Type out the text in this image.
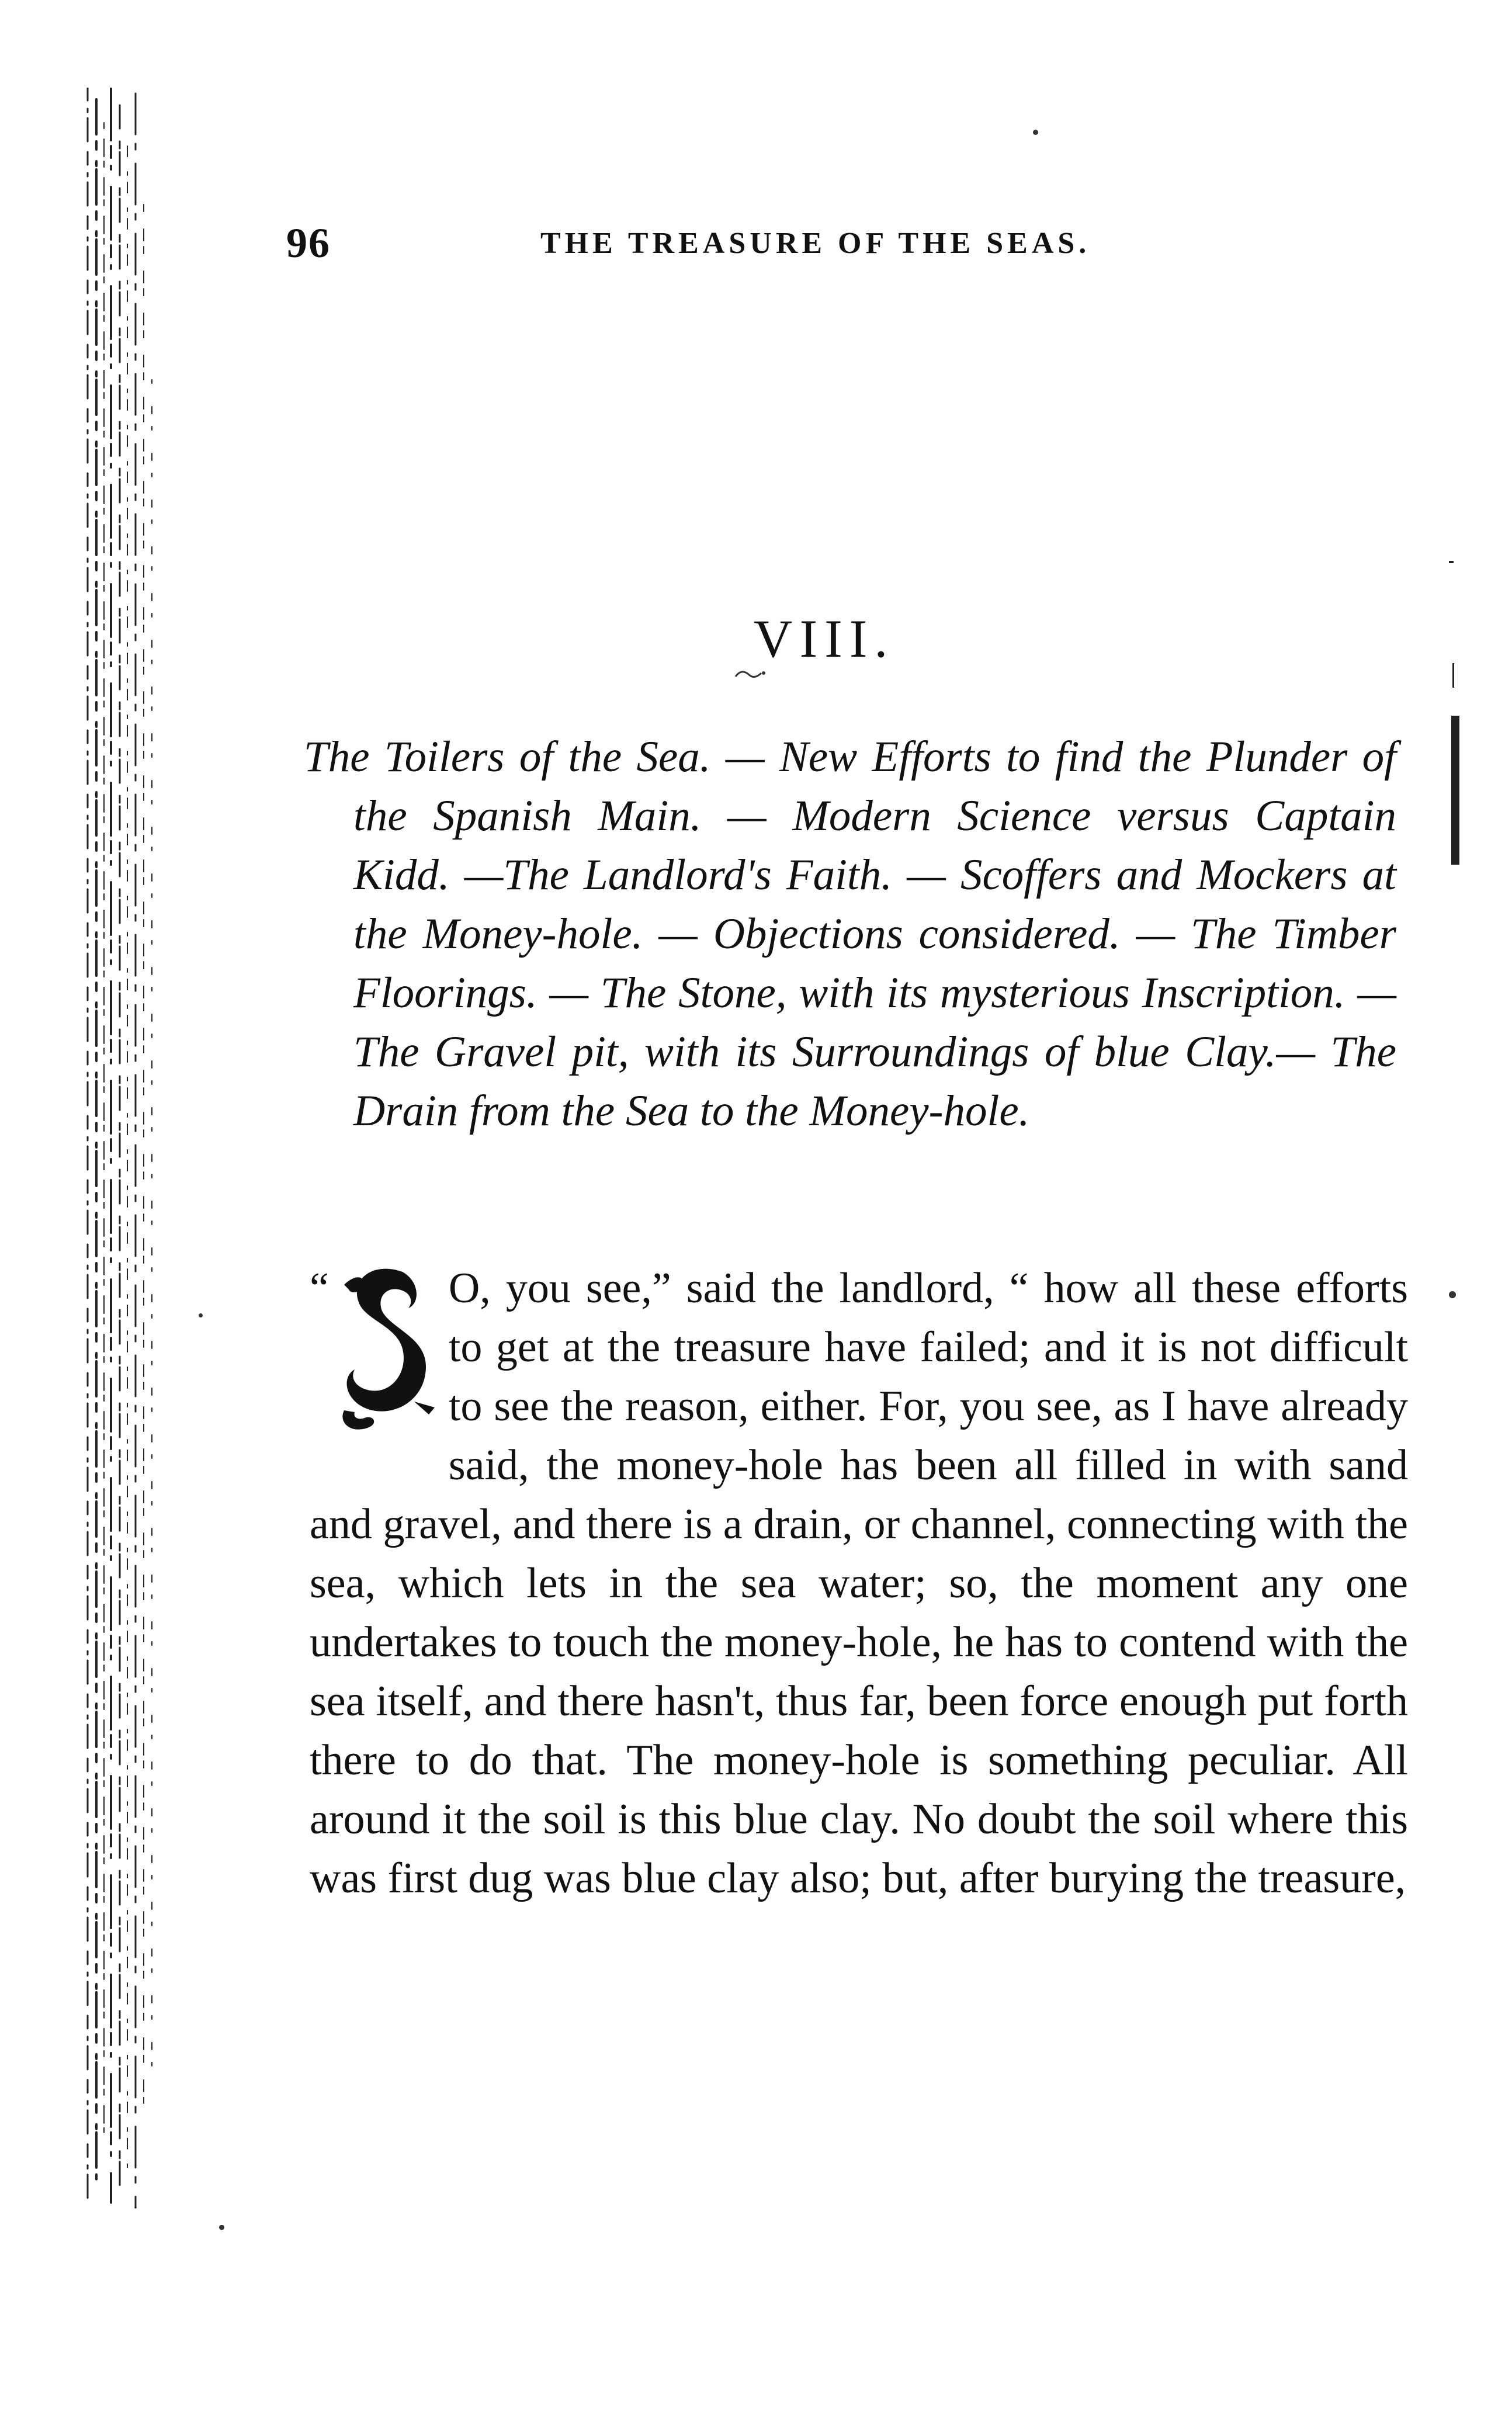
96	THE TREASURE OF THE SEAS.
VIII.

The Toilers of the Sea. — New Efforts to find the Plunder of the Spanish Main. — Modern Science versus Captain Kidd. —The Landlord's Faith. — Scoffers and Mockers at the Money-hole. — Objections considered. — The Timber Floorings. — The Stone, with its mysterious Inscription. —The Gravel pit, with its Surroundings of blue Clay.— The Drain from the Sea to the Money-hole.

“	O, you see,” said the landlord, “ how all these efforts to get at the treasure have failed; and it is not difficult to see the reason, either. For, you see, as I have already said, the money-hole has been all filled in with sand and gravel, and there is a drain, or channel, connecting with the sea, which lets in the sea water; so, the moment any one undertakes to touch the money-hole, he has to contend with the sea itself, and there hasn't, thus far, been force enough put forth there to do that. The money-hole is something peculiar. All around it the soil is this blue clay. No doubt the soil where this was first dug was blue clay also; but, after burying the treasure,
